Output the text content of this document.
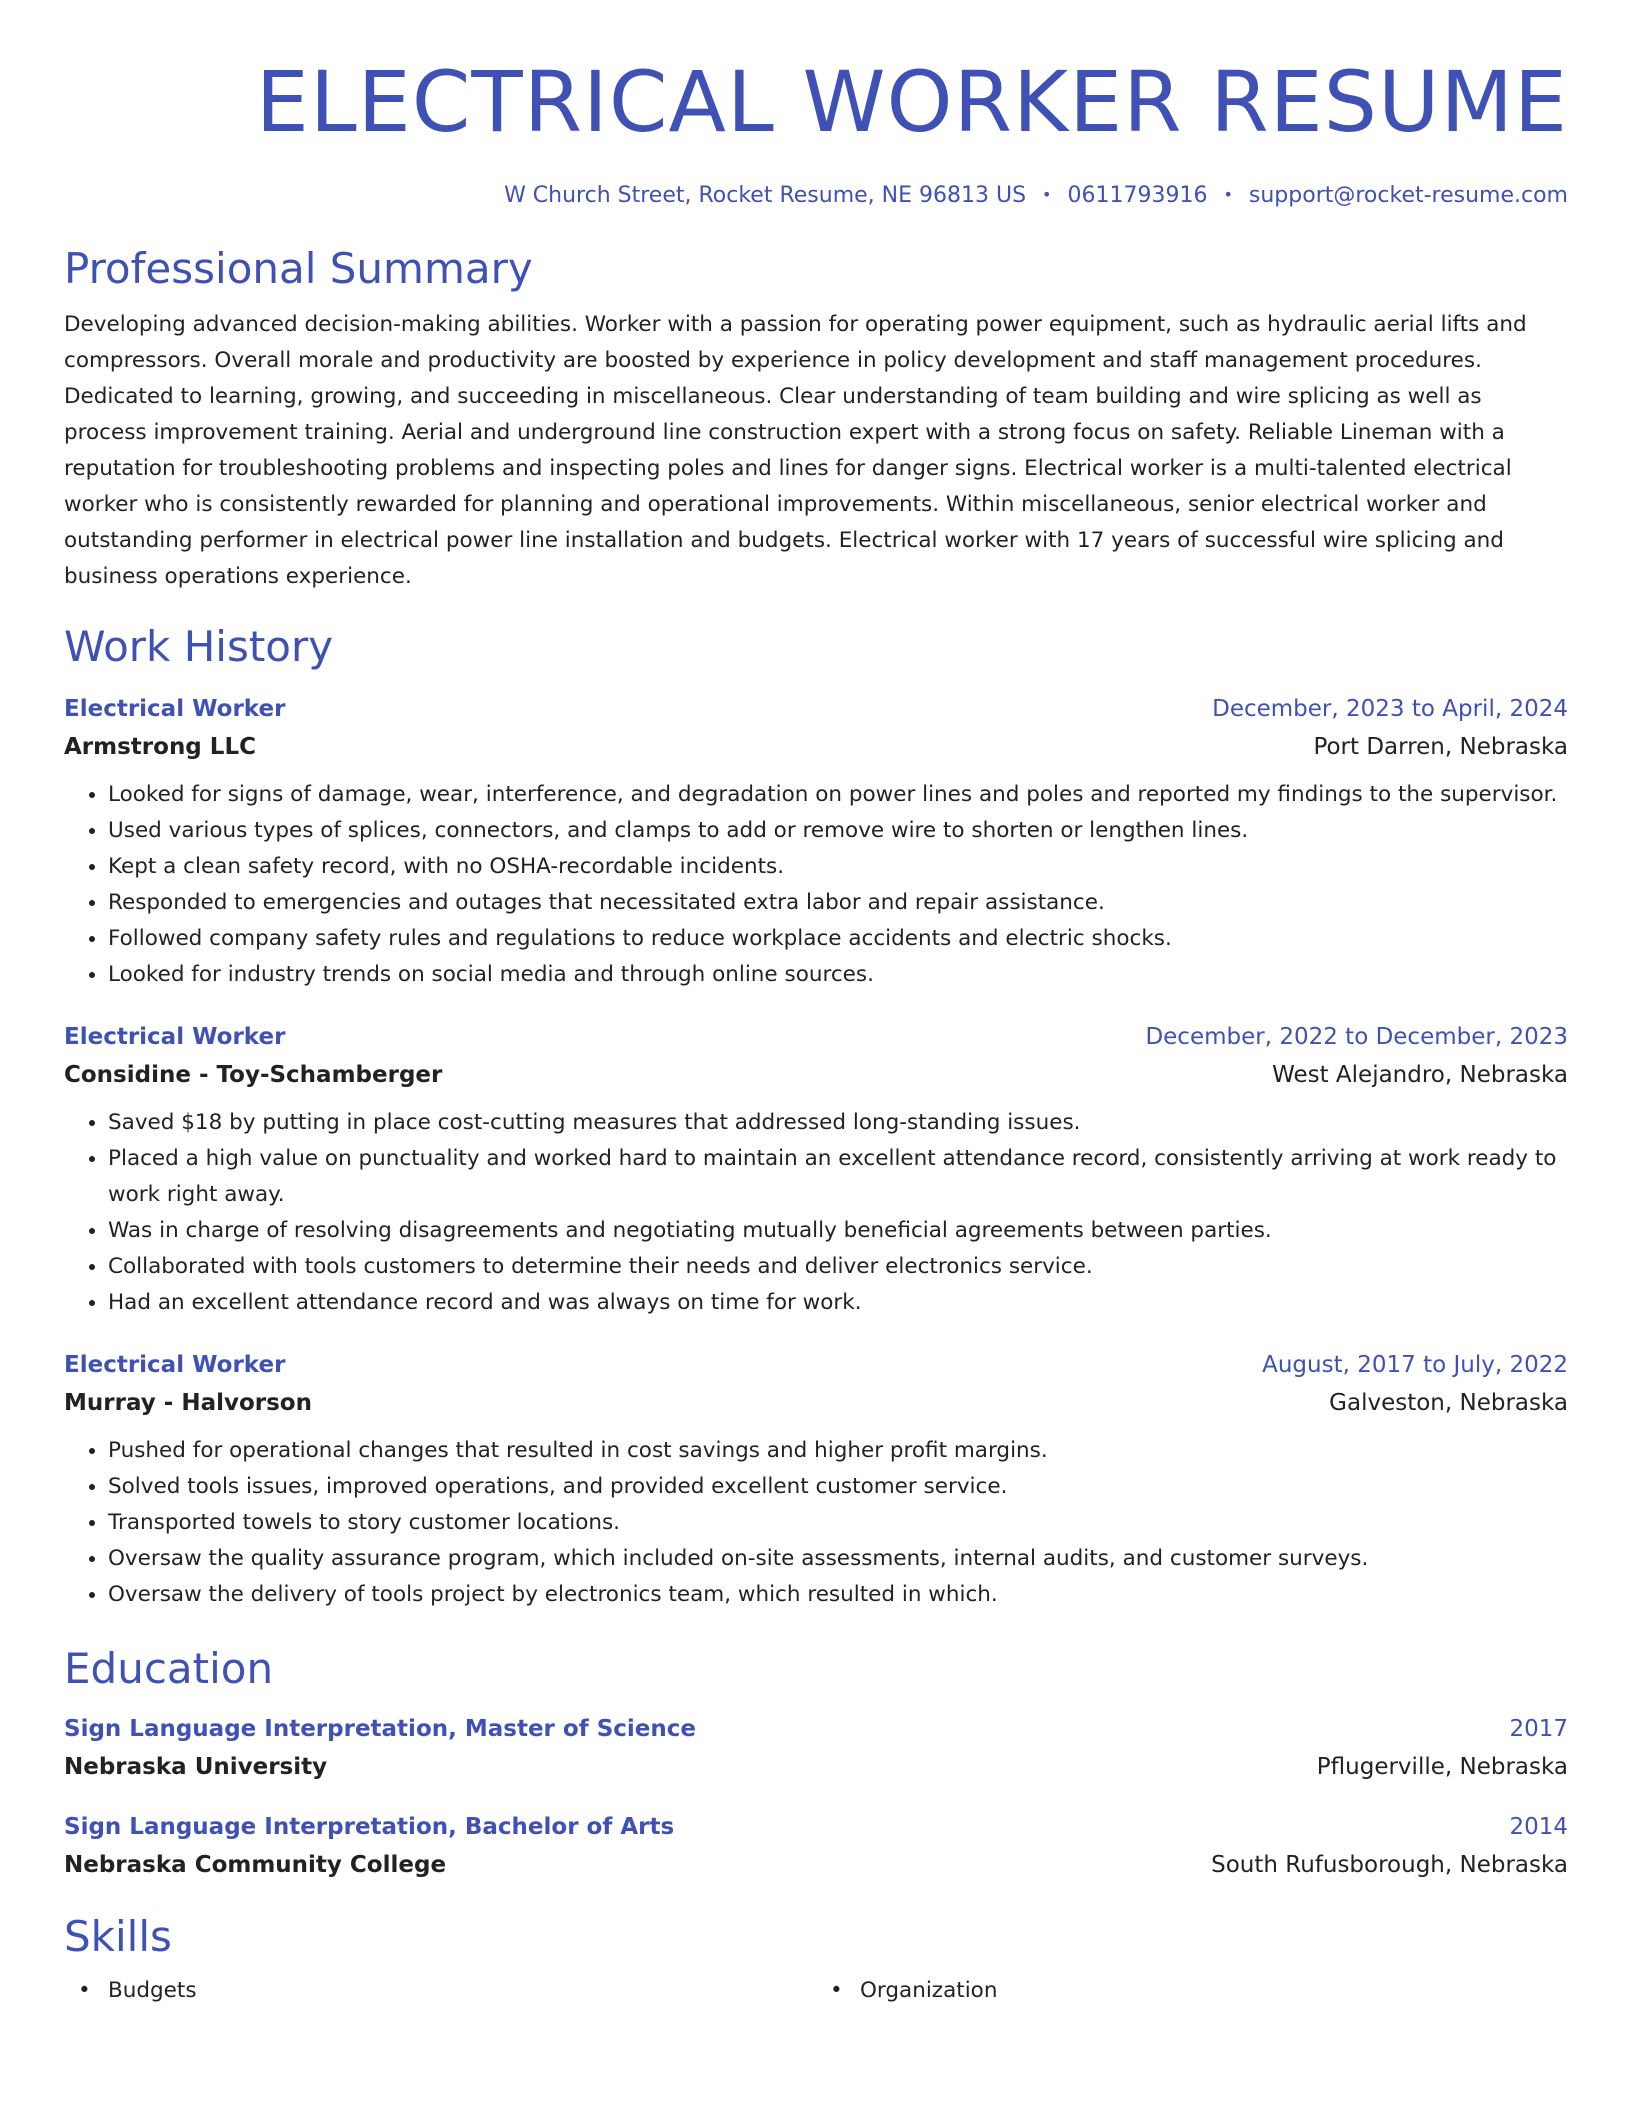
ELECTRICAL WORKER RESUME
W Church Street, Rocket Resume, NE 96813 US • 0611793916 • support@rocket-resume.com
Professional Summary
Developing advanced decision-making abilities. Worker with a passion for operating power equipment, such as hydraulic aerial lifts and compressors. Overall morale and productivity are boosted by experience in policy development and staff management procedures. Dedicated to learning, growing, and succeeding in miscellaneous. Clear understanding of team building and wire splicing as well as process improvement training. Aerial and underground line construction expert with a strong focus on safety. Reliable Lineman with a reputation for troubleshooting problems and inspecting poles and lines for danger signs. Electrical worker is a multi-talented electrical worker who is consistently rewarded for planning and operational improvements. Within miscellaneous, senior electrical worker and outstanding performer in electrical power line installation and budgets. Electrical worker with 17 years of successful wire splicing and business operations experience.
Work History
Electrical Worker	December, 2023 to April, 2024
Armstrong LLC	Port Darren, Nebraska
• Looked for signs of damage, wear, interference, and degradation on power lines and poles and reported my findings to the supervisor.
• Used various types of splices, connectors, and clamps to add or remove wire to shorten or lengthen lines.
• Kept a clean safety record, with no OSHA-recordable incidents.
• Responded to emergencies and outages that necessitated extra labor and repair assistance.
• Followed company safety rules and regulations to reduce workplace accidents and electric shocks.
• Looked for industry trends on social media and through online sources.
Electrical Worker	December, 2022 to December, 2023
Considine - Toy-Schamberger	West Alejandro, Nebraska
• Saved $18 by putting in place cost-cutting measures that addressed long-standing issues.
• Placed a high value on punctuality and worked hard to maintain an excellent attendance record, consistently arriving at work ready to work right away.
• Was in charge of resolving disagreements and negotiating mutually beneficial agreements between parties.
• Collaborated with tools customers to determine their needs and deliver electronics service.
• Had an excellent attendance record and was always on time for work.
Electrical Worker	August, 2017 to July, 2022
Murray - Halvorson	Galveston, Nebraska
• Pushed for operational changes that resulted in cost savings and higher profit margins.
• Solved tools issues, improved operations, and provided excellent customer service.
• Transported towels to story customer locations.
• Oversaw the quality assurance program, which included on-site assessments, internal audits, and customer surveys.
• Oversaw the delivery of tools project by electronics team, which resulted in which.
Education
Sign Language Interpretation, Master of Science	2017
Nebraska University	Pflugerville, Nebraska
Sign Language Interpretation, Bachelor of Arts	2014
Nebraska Community College	South Rufusborough, Nebraska
Skills
• Budgets
•	Organization
